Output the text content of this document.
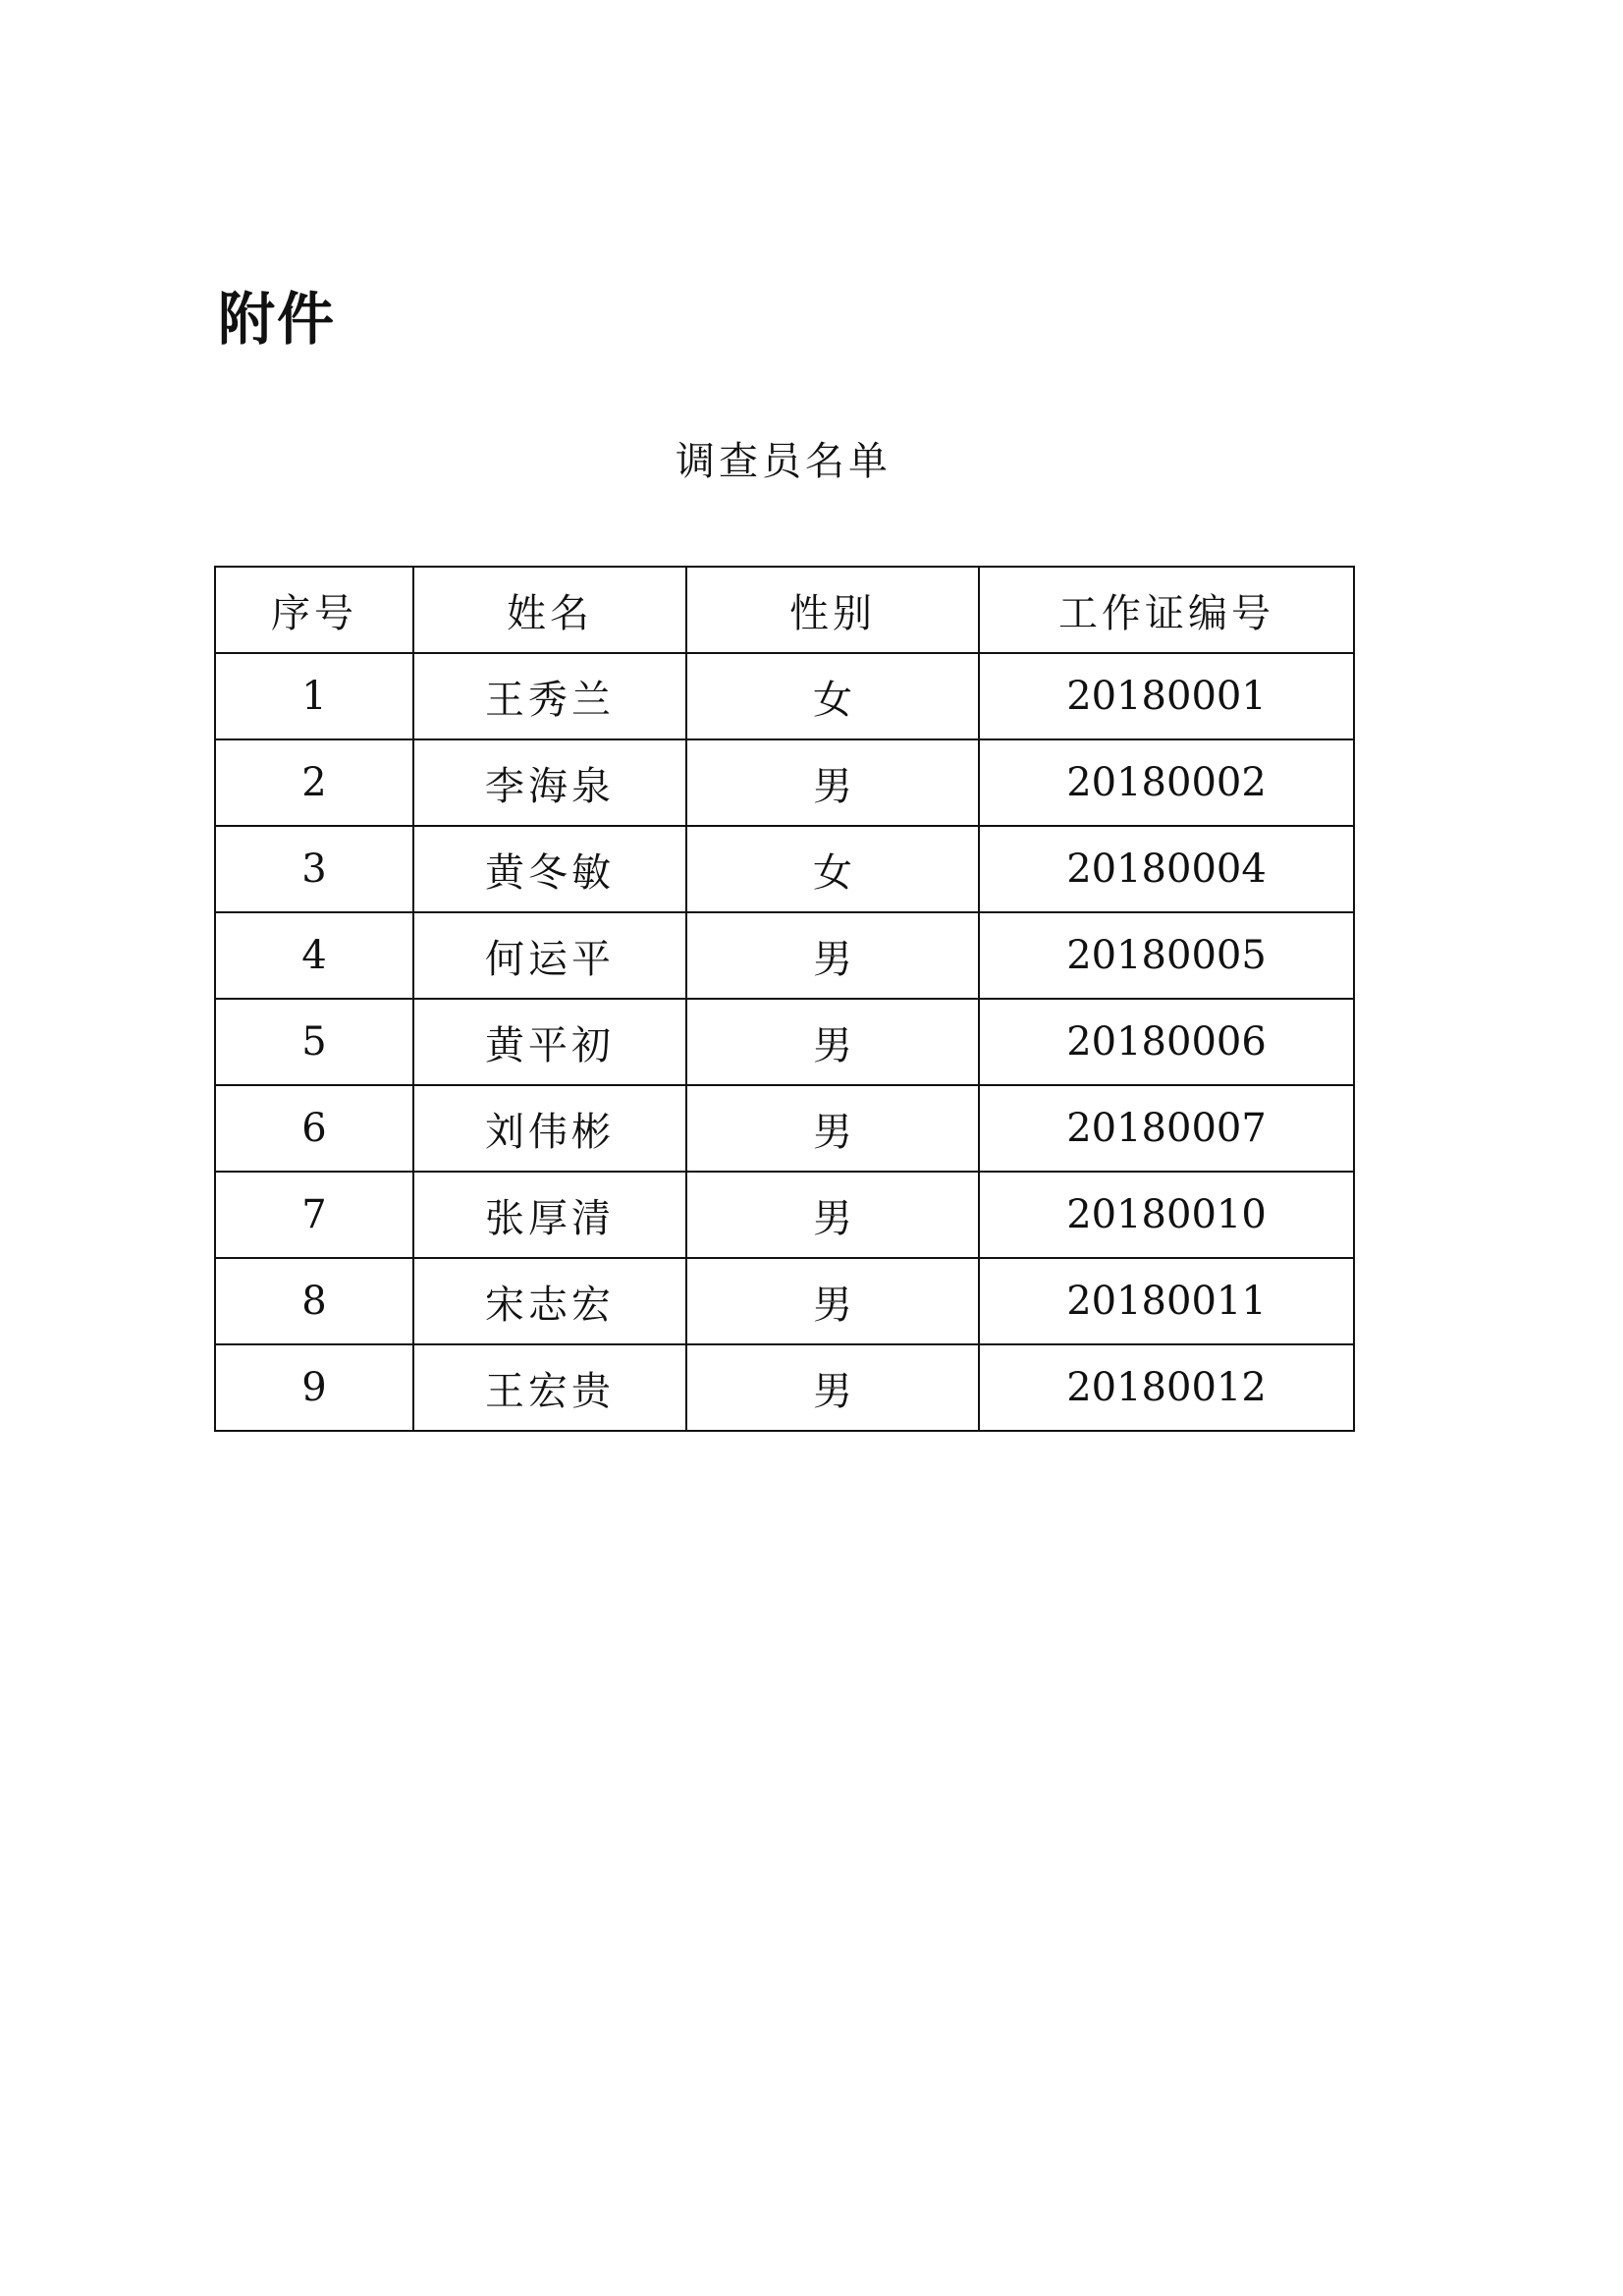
附件
调查员名单
序号	姓名	性别	工作证编号
1	王秀兰	女	20180001
2	李海泉	男	20180002
3	黄冬敏	女	20180004
4	何运平	男	20180005
5	黄平初	男	20180006
6	刘伟彬	男	20180007
7	张厚清	男	20180010
8	宋志宏	男	20180011
9	王宏贵	男	20180012
